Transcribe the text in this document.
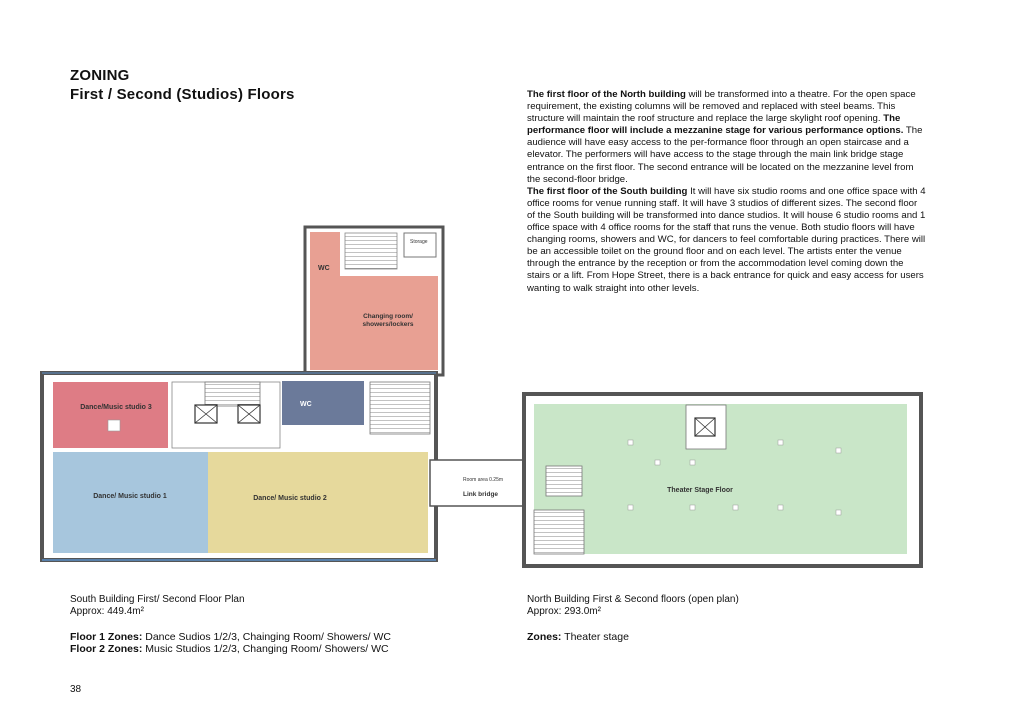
ZONING
First / Second (Studios) Floors	The first floor of the North building will be transformed into a theatre. For the open space requirement, the existing columns will be removed and replaced with steel beams. This structure will maintain the roof structure and replace the large skylight roof opening. The performance floor will include a mezzanine stage for various performance options. The audience will have easy access to the per-formance floor through an open staircase and a elevator. The performers will have access to the stage through the main link bridge stage entrance on the first floor. The second entrance will be located on the mezzanine level from the second-floor bridge.
The first floor of the South building It will have six studio rooms and one office space with 4 office rooms for venue running staff. It will have 3 studios of different sizes. The second floor of the South building will be transformed into dance studios. It will house 6 studio rooms and 1 office space with 4 office rooms for the staff that runs the venue. Both studio floors will have changing rooms, showers and WC, for dancers to feel comfortable during practices. There will be an accessible toilet on the ground floor and on each level. The artists enter the venue through the entrance by the reception or from the accommodation level coming down the stairs or a lift. From Hope Street, there is a back entrance for quick and easy access for users wanting to walk straight into other levels.
WC
Storage
Changing room/
showers/lockers
Dance/Music studio 3	WC
Dance/ Music studio 1	Dance/ Music studio 2
Room area 0.25m
Link bridge
Theater Stage Floor
South Building First/ Second Floor Plan
Approx: 449.4m²
Floor 1 Zones: Dance Sudios 1/2/3, Chainging Room/ Showers/ WC
Floor 2 Zones: Music Studios 1/2/3, Changing Room/ Showers/ WC
North Building First & Second floors (open plan)
Approx: 293.0m²
Zones: Theater stage
38
